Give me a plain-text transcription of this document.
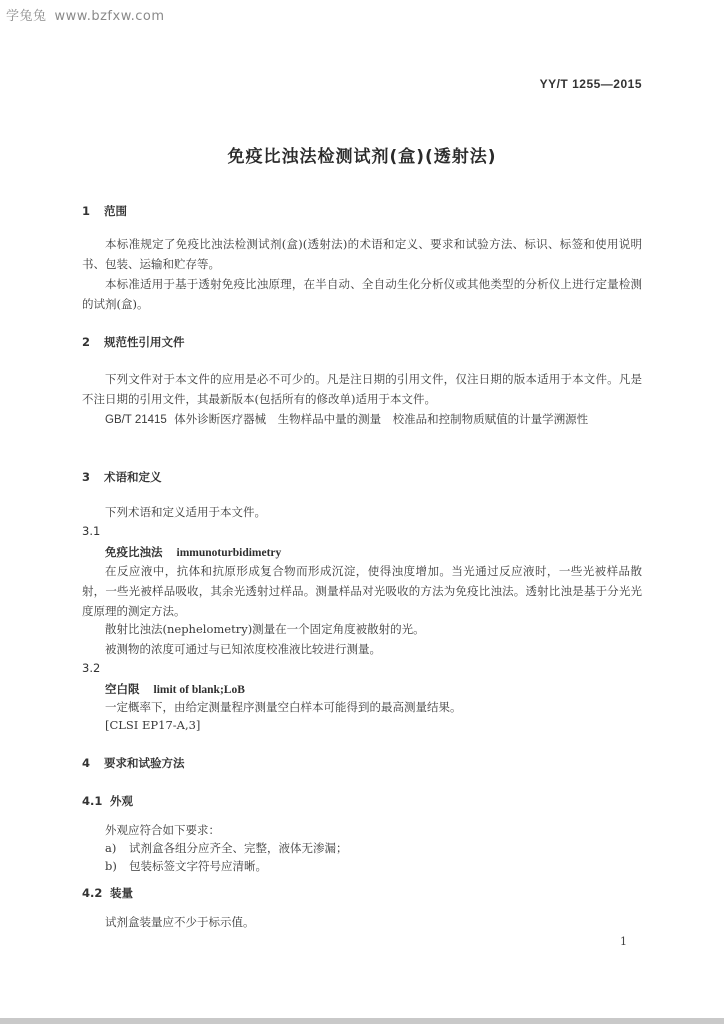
学兔兔 www.bzfxw.com
YY/T 1255—2015
免疫比浊法检测试剂(盒)(透射法)
1 范围
本标准规定了免疫比浊法检测试剂(盒)(透射法)的术语和定义、要求和试验方法、标识、标签和使用说明书、包装、运输和贮存等。
本标准适用于基于透射免疫比浊原理，在半自动、全自动生化分析仪或其他类型的分析仪上进行定量检测的试剂(盒)。
2 规范性引用文件
下列文件对于本文件的应用是必不可少的。凡是注日期的引用文件，仅注日期的版本适用于本文件。凡是不注日期的引用文件，其最新版本(包括所有的修改单)适用于本文件。
GB/T 21415 体外诊断医疗器械　生物样品中量的测量　校准品和控制物质赋值的计量学溯源性
3 术语和定义
下列术语和定义适用于本文件。
3.1
免疫比浊法 immunoturbidimetry
在反应液中，抗体和抗原形成复合物而形成沉淀，使得浊度增加。当光通过反应液时，一些光被样品散射，一些光被样品吸收，其余光透射过样品。测量样品对光吸收的方法为免疫比浊法。透射比浊是基于分光光度原理的测定方法。
散射比浊法(nephelometry)测量在一个固定角度被散射的光。
被测物的浓度可通过与已知浓度校准液比较进行测量。
3.2
空白限 limit of blank;LoB
一定概率下，由给定测量程序测量空白样本可能得到的最高测量结果。
[CLSI EP17-A,3]
4 要求和试验方法
4.1 外观
外观应符合如下要求：
a) 试剂盒各组分应齐全、完整，液体无渗漏；
b) 包装标签文字符号应清晰。
4.2 装量
试剂盒装量应不少于标示值。
1
